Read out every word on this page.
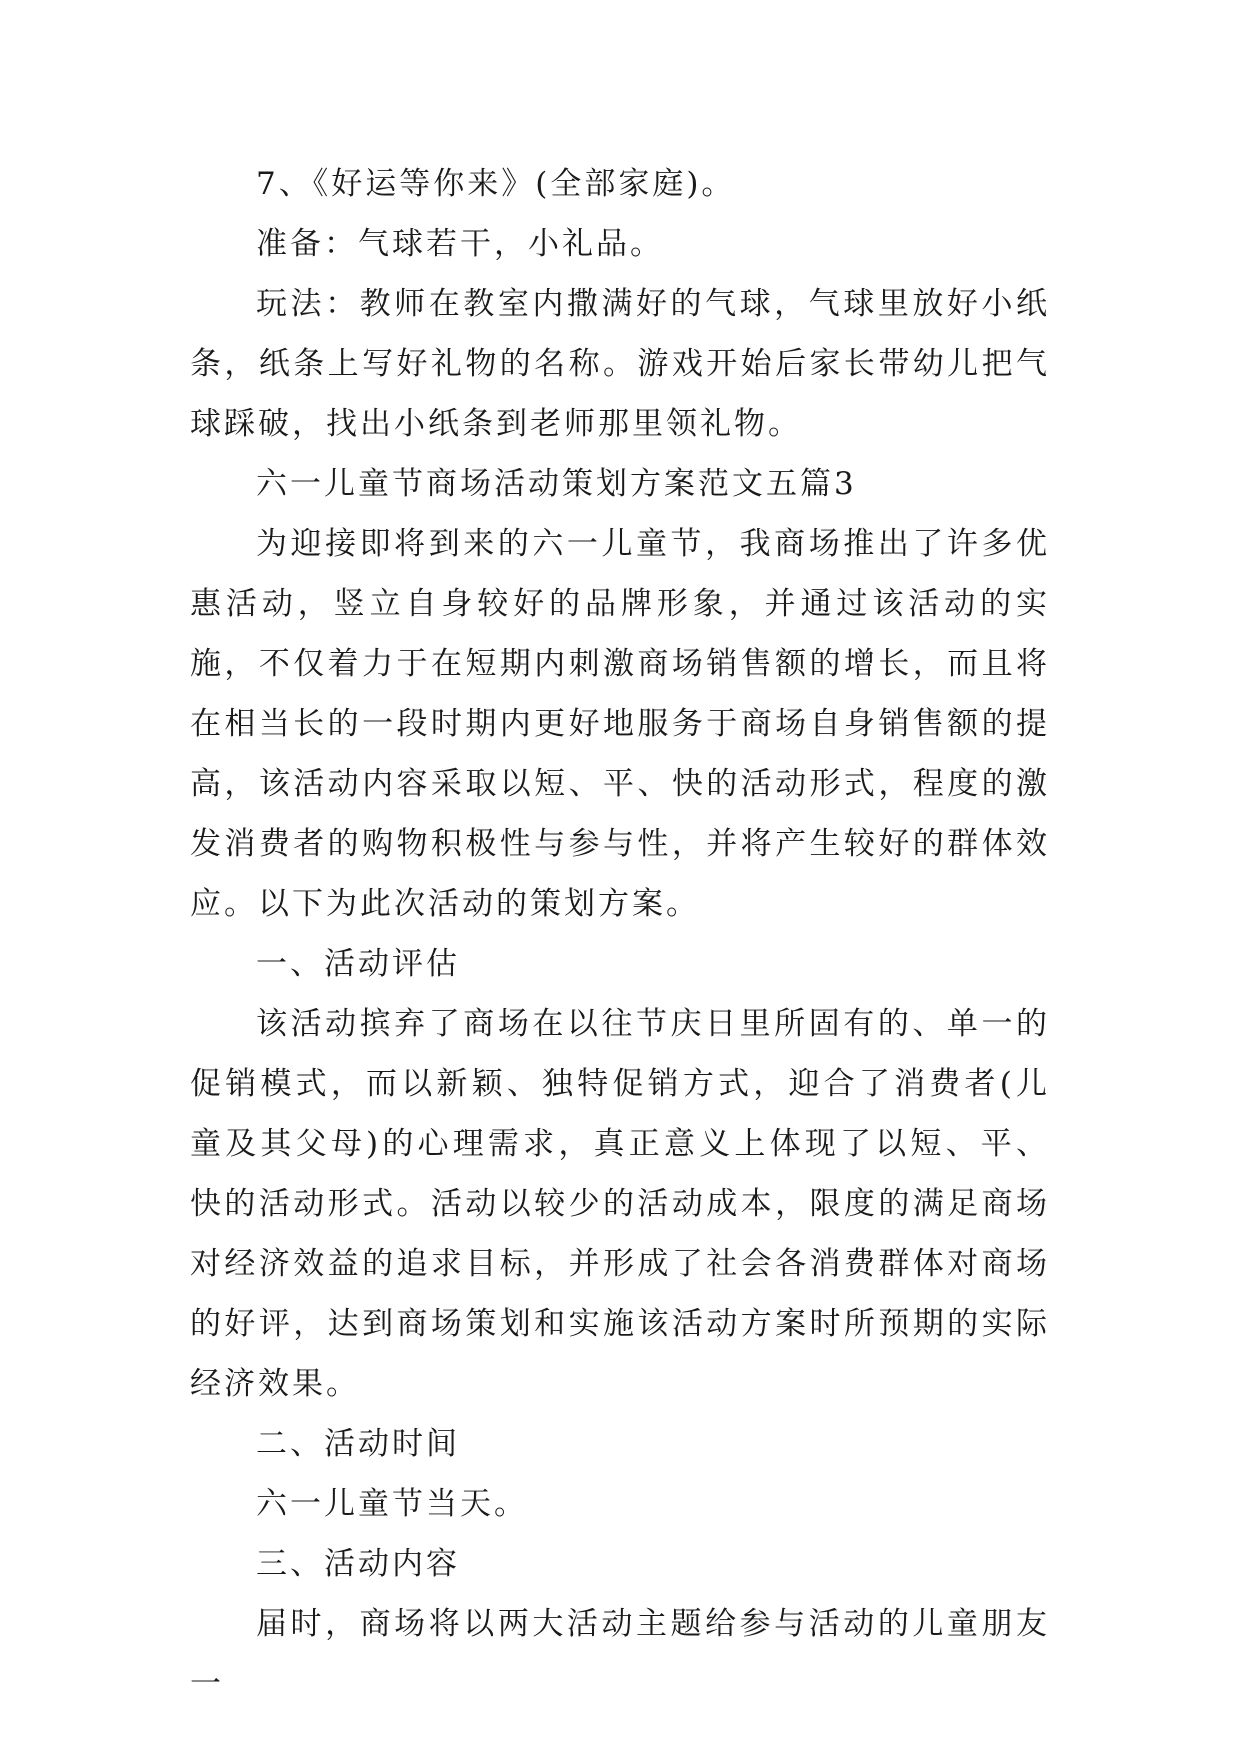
7、《好运等你来》(全部家庭)。

准备：气球若干，小礼品。

玩法：教师在教室内撒满好的气球，气球里放好小纸条，纸条上写好礼物的名称。游戏开始后家长带幼儿把气球踩破，找出小纸条到老师那里领礼物。

六一儿童节商场活动策划方案范文五篇3

为迎接即将到来的六一儿童节，我商场推出了许多优惠活动，竖立自身较好的品牌形象，并通过该活动的实施，不仅着力于在短期内刺激商场销售额的增长，而且将在相当长的一段时期内更好地服务于商场自身销售额的提高，该活动内容采取以短、平、快的活动形式，程度的激发消费者的购物积极性与参与性，并将产生较好的群体效应。以下为此次活动的策划方案。

一、活动评估

该活动摈弃了商场在以往节庆日里所固有的、单一的促销模式，而以新颖、独特促销方式，迎合了消费者(儿童及其父母)的心理需求，真正意义上体现了以短、平、快的活动形式。活动以较少的活动成本，限度的满足商场对经济效益的追求目标，并形成了社会各消费群体对商场的好评，达到商场策划和实施该活动方案时所预期的实际经济效果。

二、活动时间

六一儿童节当天。

三、活动内容

届时，商场将以两大活动主题给参与活动的儿童朋友一
